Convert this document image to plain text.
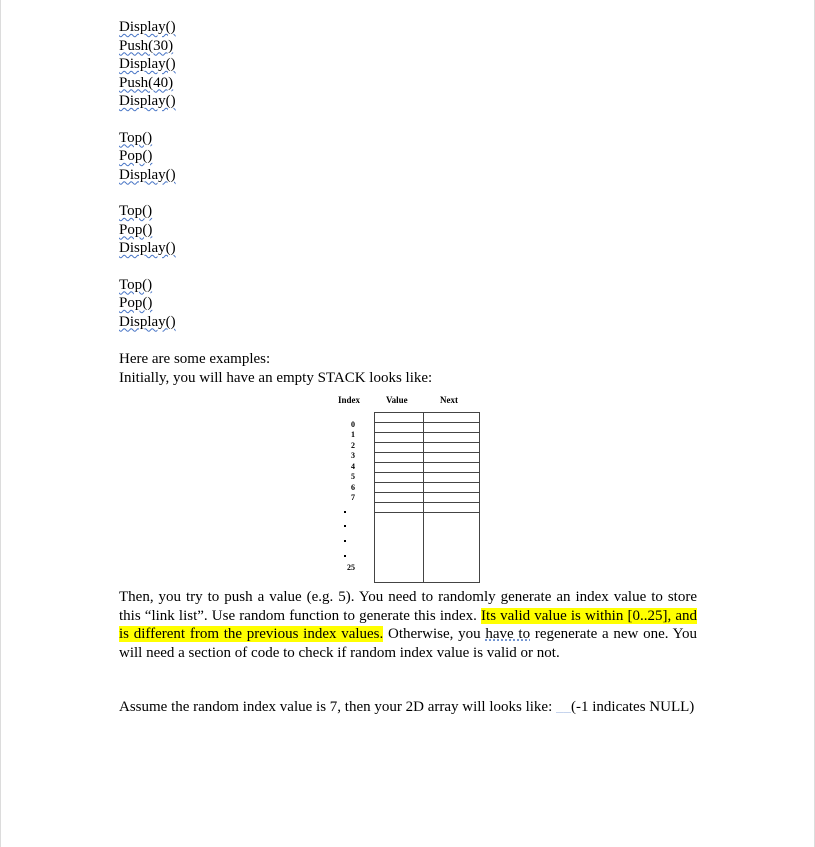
Display()
Push(30)
Display()
Push(40)
Display()
Top()
Pop()
Display()
Top()
Pop()
Display()
Top()
Pop()
Display()

Here are some examples:

Initially, you will have an empty STACK looks like:

Index	Value	Next
0
1
2
3
4
5
6
7
25

Then, you try to push a value (e.g. 5). You need to randomly generate an index value to store this “link list”. Use random function to generate this index. Its valid value is within [0..25], and is different from the previous index values. Otherwise, you have to regenerate a new one. You will need a section of code to check if random index value is valid or not.

Assume the random index value is 7, then your 2D array will looks like: __(-1 indicates NULL)
